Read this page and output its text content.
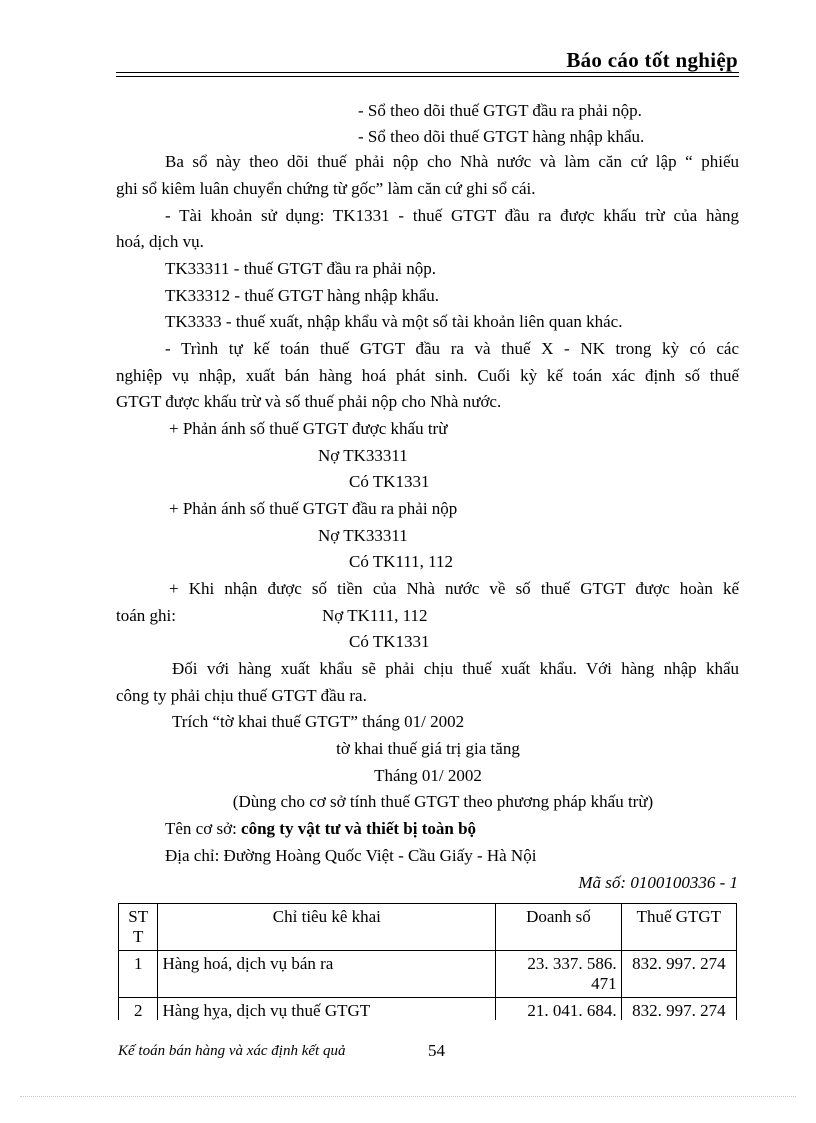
Báo cáo tốt nghiệp
- Sổ theo dõi thuế GTGT đầu ra phải nộp.
- Sổ theo dõi thuế GTGT hàng nhập khẩu.
Ba sổ này theo dõi thuế phải nộp cho Nhà nước và làm căn cứ lập “ phiếu
ghi sổ kiêm luân chuyển chứng từ gốc” làm căn cứ ghi sổ cái.
- Tài khoản sử dụng: TK1331 - thuế GTGT đầu ra được khấu trừ của hàng
hoá, dịch vụ.
TK33311 - thuế GTGT đầu ra phải nộp.
TK33312 - thuế GTGT hàng nhập khẩu.
TK3333 - thuế xuất, nhập khẩu và một số tài khoản liên quan khác.
- Trình tự kế toán thuế GTGT đầu ra và thuế X - NK trong kỳ có các
nghiệp vụ nhập, xuất bán hàng hoá phát sinh. Cuối kỳ kế toán xác định số thuế
GTGT được khấu trừ và số thuế phải nộp cho Nhà nước.
+ Phản ánh số thuế GTGT được khấu trừ
Nợ TK33311
Có TK1331
+ Phản ánh số thuế GTGT đầu ra phải nộp
Nợ TK33311
Có TK111, 112
+ Khi nhận được số tiền của Nhà nước về số thuế GTGT được hoàn kế
toán ghi:	Nợ TK111, 112
Có TK1331
Đối với hàng xuất khẩu sẽ phải chịu thuế xuất khẩu. Với hàng nhập khẩu
công ty phải chịu thuế GTGT đầu ra.
Trích “tờ khai thuế GTGT” tháng 01/ 2002
tờ khai thuế giá trị gia tăng
Tháng 01/ 2002
(Dùng cho cơ sở tính thuế GTGT theo phương pháp khấu trừ)
Tên cơ sở: công ty vật tư và thiết bị toàn bộ
Địa chỉ: Đường Hoàng Quốc Việt - Cầu Giấy - Hà Nội
Mã số: 0100100336 - 1
ST T	Chỉ tiêu kê khai	Doanh số	Thuế GTGT
1	Hàng hoá, dịch vụ bán ra	23. 337. 586. 471	832. 997. 274
2	Hàng hỵa, dịch vụ thuế GTGT	21. 041. 684.	832. 997. 274
Kế toán bán hàng và xác định kết quả	54
